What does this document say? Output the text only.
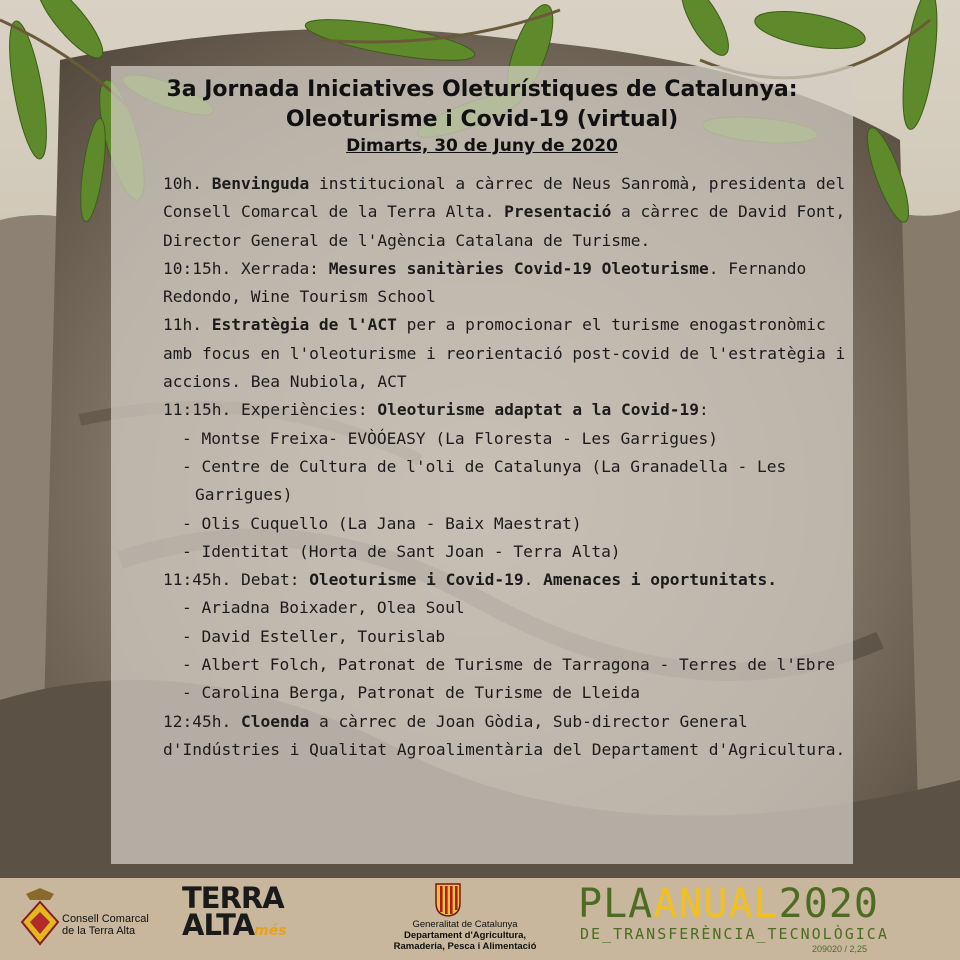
3a Jornada Iniciatives Oleturístiques de Catalunya:
Oleoturisme i Covid-19 (virtual)
Dimarts, 30 de Juny de 2020
10h. Benvinguda institucional a càrrec de Neus Sanromà, presidenta del Consell Comarcal de la Terra Alta. Presentació a càrrec de David Font, Director General de l'Agència Catalana de Turisme.
10:15h. Xerrada: Mesures sanitàries Covid-19 Oleoturisme. Fernando Redondo, Wine Tourism School
11h. Estratègia de l'ACT per a promocionar el turisme enogastronòmic amb focus en l'oleoturisme i reorientació post-covid de l'estratègia i accions. Bea Nubiola, ACT
11:15h. Experiències: Oleoturisme adaptat a la Covid-19:
- Montse Freixa- EVÒÓEASY (La Floresta - Les Garrigues)
- Centre de Cultura de l'oli de Catalunya (La Granadella - Les Garrigues)
- Olis Cuquello (La Jana - Baix Maestrat)
- Identitat (Horta de Sant Joan - Terra Alta)
11:45h. Debat: Oleoturisme i Covid-19. Amenaces i oportunitats.
- Ariadna Boixader, Olea Soul
- David Esteller, Tourislab
- Albert Folch, Patronat de Turisme de Tarragona - Terres de l'Ebre
- Carolina Berga, Patronat de Turisme de Lleida
12:45h. Cloenda a càrrec de Joan Gòdia, Sub-director General d'Indústries i Qualitat Agroalimentària del Departament d'Agricultura.
Consell Comarcal
de la Terra Alta
TERRA
ALTAmés	Generalitat de Catalunya
Departament d'Agricultura,
Ramaderia, Pesca i Alimentació
PLAANUAL2020
DE_TRANSFERÈNCIA_TECNOLÒGICA
209020 / 2,25
